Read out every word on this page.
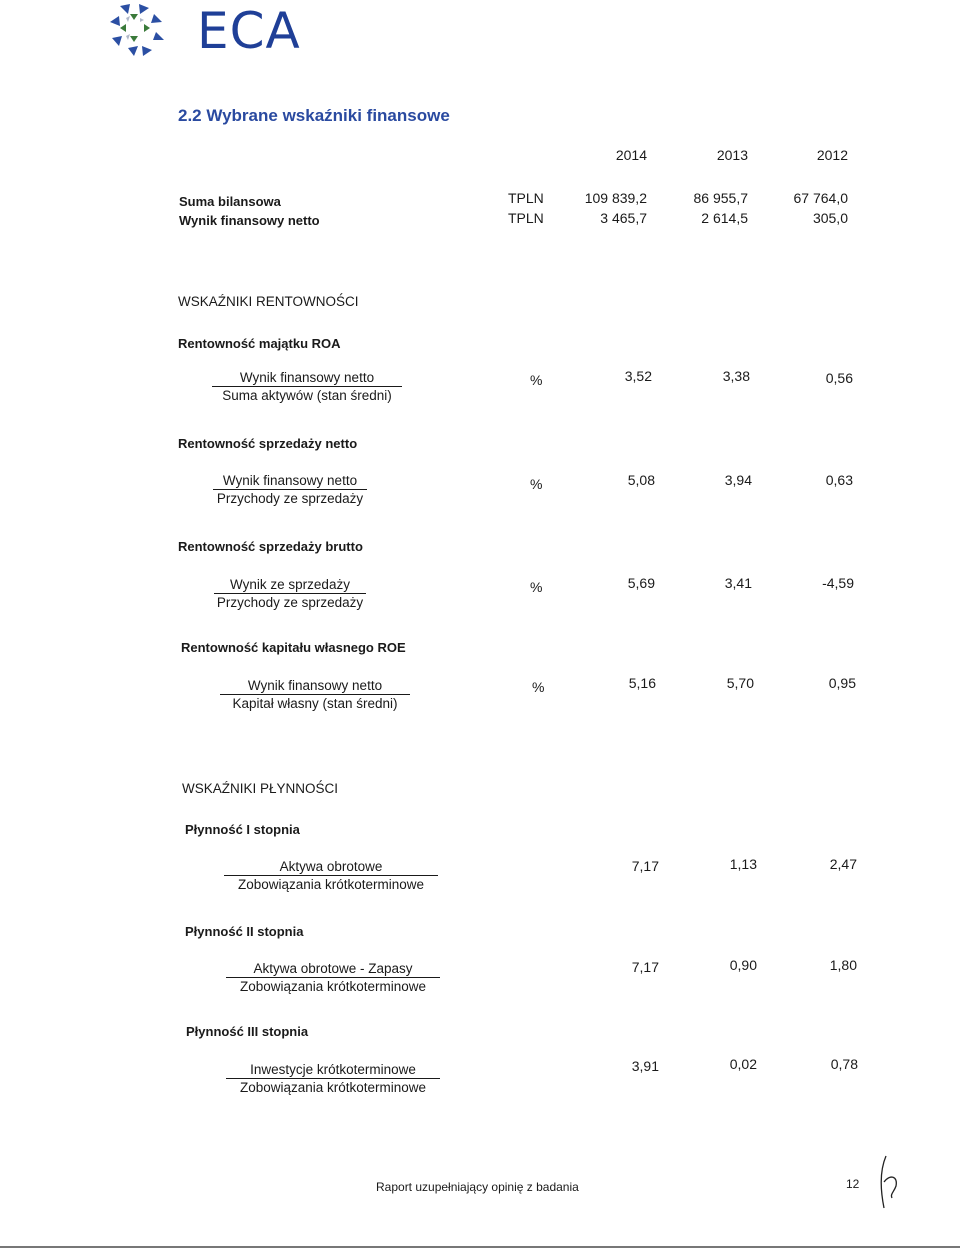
ECA
2.2 Wybrane wskaźniki finansowe
2014	2013	2012
Suma bilansowa	TPLN	109 839,2	86 955,7	67 764,0
Wynik finansowy netto	TPLN	3 465,7	2 614,5	305,0
WSKAŹNIKI RENTOWNOŚCI
Rentowność majątku ROA
Wynik finansowy netto
Suma aktywów (stan średni)
%	3,52	3,38	0,56
Rentowność sprzedaży netto
Wynik finansowy netto
Przychody ze sprzedaży
%	5,08	3,94	0,63
Rentowność sprzedaży brutto
Wynik ze sprzedaży
Przychody ze sprzedaży
%	5,69	3,41	-4,59
Rentowność kapitału własnego ROE
Wynik finansowy netto
Kapitał własny (stan średni)
%	5,16	5,70	0,95
WSKAŹNIKI PŁYNNOŚCI
Płynność I stopnia
Aktywa obrotowe
Zobowiązania krótkoterminowe
7,17	1,13	2,47
Płynność II stopnia
Aktywa obrotowe - Zapasy
Zobowiązania krótkoterminowe
7,17	0,90	1,80
Płynność III stopnia
Inwestycje krótkoterminowe
Zobowiązania krótkoterminowe
3,91	0,02	0,78
Raport uzupełniający opinię z badania	12
